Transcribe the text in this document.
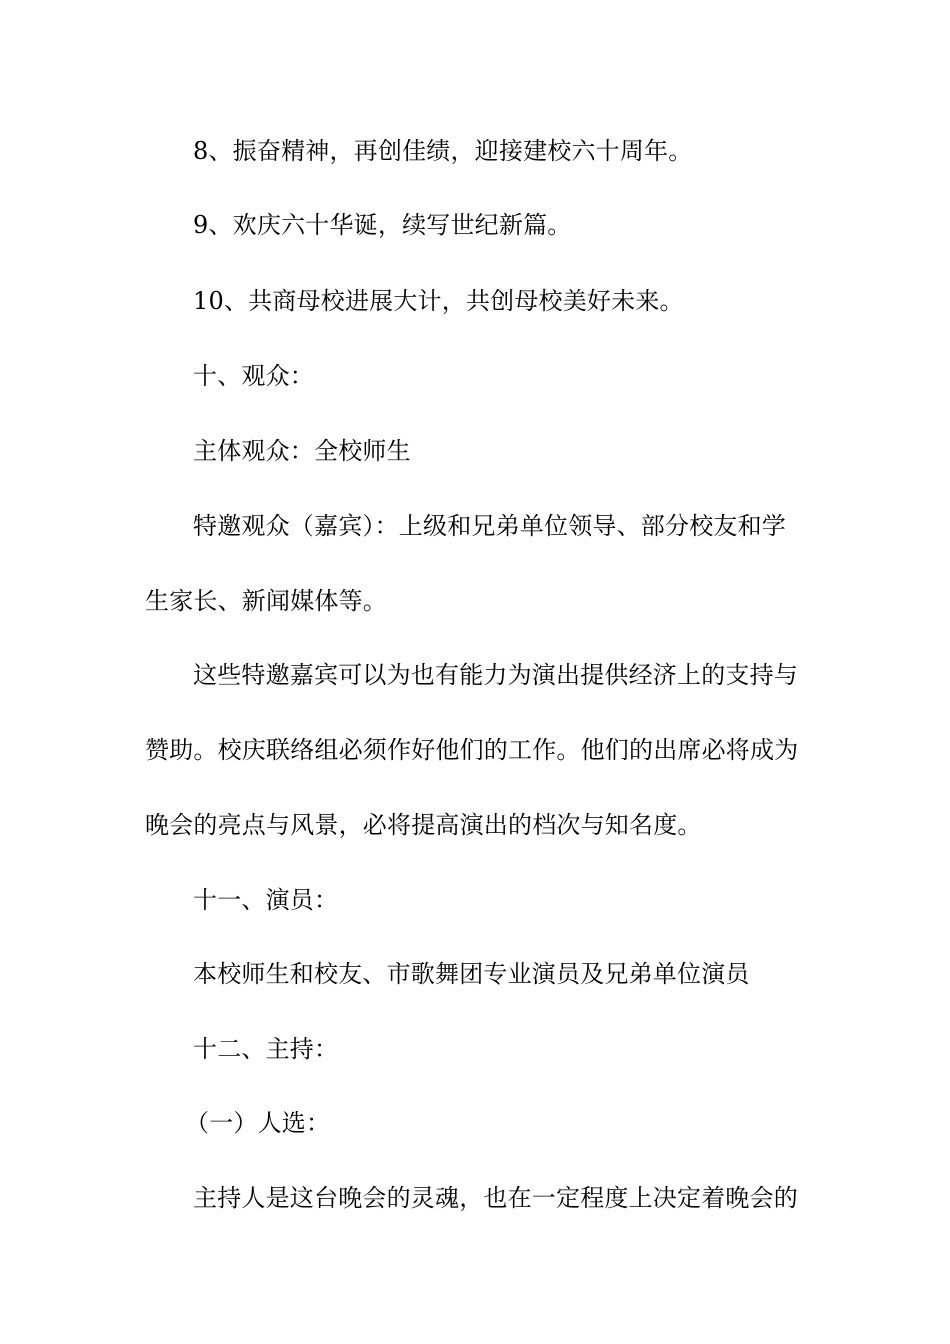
8、振奋精神，再创佳绩，迎接建校六十周年。
9、欢庆六十华诞，续写世纪新篇。
10、共商母校进展大计，共创母校美好未来。
十、观众：
主体观众：全校师生
特邀观众（嘉宾）：上级和兄弟单位领导、部分校友和学
生家长、新闻媒体等。
这些特邀嘉宾可以为也有能力为演出提供经济上的支持与
赞助。校庆联络组必须作好他们的工作。他们的出席必将成为
晚会的亮点与风景，必将提高演出的档次与知名度。
十一、演员：
本校师生和校友、市歌舞团专业演员及兄弟单位演员
十二、主持：
（一）人选：
主持人是这台晚会的灵魂，也在一定程度上决定着晚会的
